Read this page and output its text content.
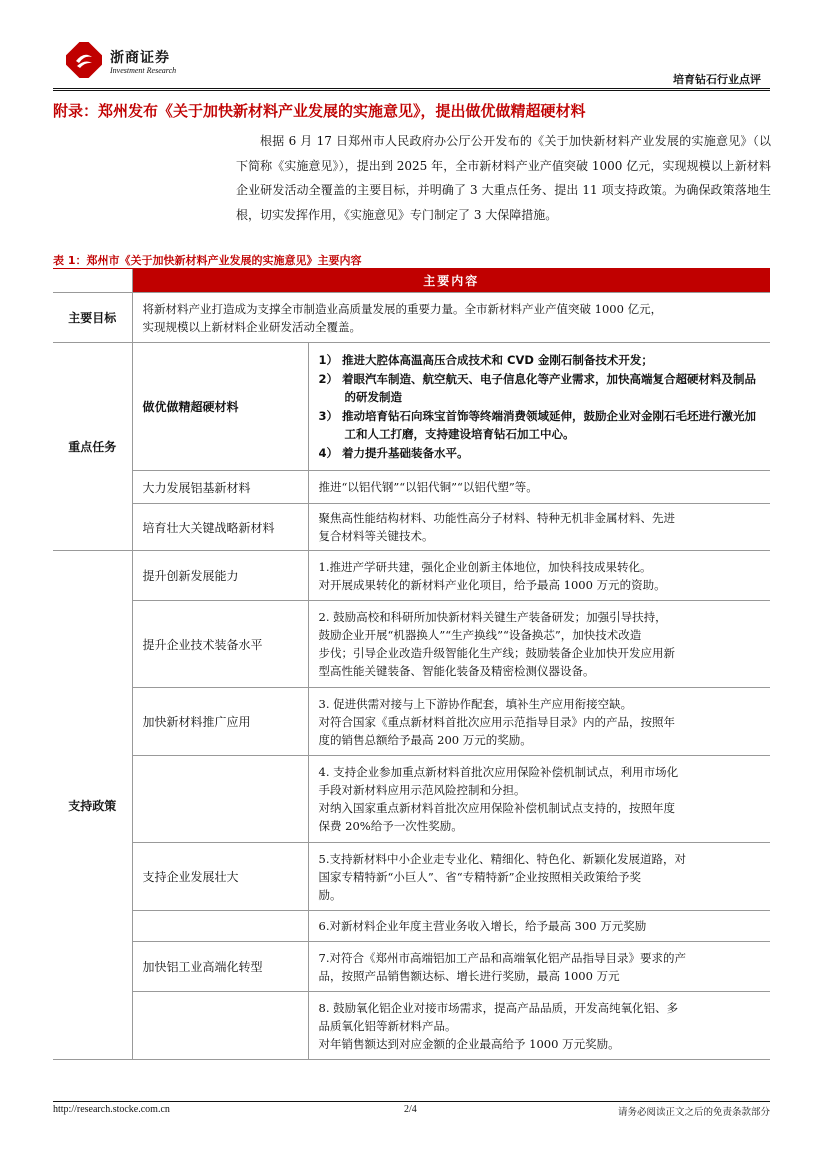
浙商证券
Investment Research
培育钻石行业点评
附录：郑州发布《关于加快新材料产业发展的实施意见》，提出做优做精超硬材料
根据 6 月 17 日郑州市人民政府办公厅公开发布的《关于加快新材料产业发展的实施意见》（以下简称《实施意见》），提出到 2025 年，全市新材料产业产值突破 1000 亿元，实现规模以上新材料企业研发活动全覆盖的主要目标，并明确了 3 大重点任务、提出 11 项支持政策。为确保政策落地生根，切实发挥作用，《实施意见》专门制定了 3 大保障措施。
表 1：郑州市《关于加快新材料产业发展的实施意见》主要内容
	主要内容	
主要目标	将新材料产业打造成为支撑全市制造业高质量发展的重要力量。全市新材料产业产值突破 1000 亿元，
实现规模以上新材料企业研发活动全覆盖。	

重点任务	做优做精超硬材料	1） 推进大腔体高温高压合成技术和 CVD 金刚石制备技术开发；
2） 着眼汽车制造、航空航天、电子信息化等产业需求，加快高端复合超硬材料及制品的研发制造
3） 推动培育钻石向珠宝首饰等终端消费领域延伸，鼓励企业对金刚石毛坯进行激光加工和人工打磨，支持建设培育钻石加工中心。
4） 着力提升基础装备水平。

	大力发展铝基新材料	推进“以铝代钢”“以铝代铜”“以铝代塑”等。
	培育壮大关键战略新材料	聚焦高性能结构材料、功能性高分子材料、特种无机非金属材料、先进
复合材料等关键技术。

支持政策	提升创新发展能力	1.推进产学研共建，强化企业创新主体地位，加快科技成果转化。
对开展成果转化的新材料产业化项目，给予最高 1000 万元的资助。

	提升企业技术装备水平	2. 鼓励高校和科研所加快新材料关键生产装备研发；加强引导扶持，
鼓励企业开展“机器换人”“生产换线”“设备换芯”，加快技术改造
步伐；引导企业改造升级智能化生产线；鼓励装备企业加快开发应用新
型高性能关键装备、智能化装备及精密检测仪器设备。

	加快新材料推广应用	3. 促进供需对接与上下游协作配套，填补生产应用衔接空缺。
对符合国家《重点新材料首批次应用示范指导目录》内的产品，按照年
度的销售总额给予最高 200 万元的奖励。

		4. 支持企业参加重点新材料首批次应用保险补偿机制试点，利用市场化
手段对新材料应用示范风险控制和分担。
对纳入国家重点新材料首批次应用保险补偿机制试点支持的，按照年度
保费 20%给予一次性奖励。

	支持企业发展壮大	5.支持新材料中小企业走专业化、精细化、特色化、新颖化发展道路，对
国家专精特新“小巨人”、省“专精特新”企业按照相关政策给予奖
励。

		6.对新材料企业年度主营业务收入增长，给予最高 300 万元奖励

	加快铝工业高端化转型	7.对符合《郑州市高端铝加工产品和高端氧化铝产品指导目录》要求的产
品，按照产品销售额达标、增长进行奖励，最高 1000 万元

		8. 鼓励氧化铝企业对接市场需求，提高产品品质，开发高纯氧化铝、多
品质氧化铝等新材料产品。
对年销售额达到对应金额的企业最高给予 1000 万元奖励。
http://research.stocke.com.cn	2/4	请务必阅读正文之后的免责条款部分
